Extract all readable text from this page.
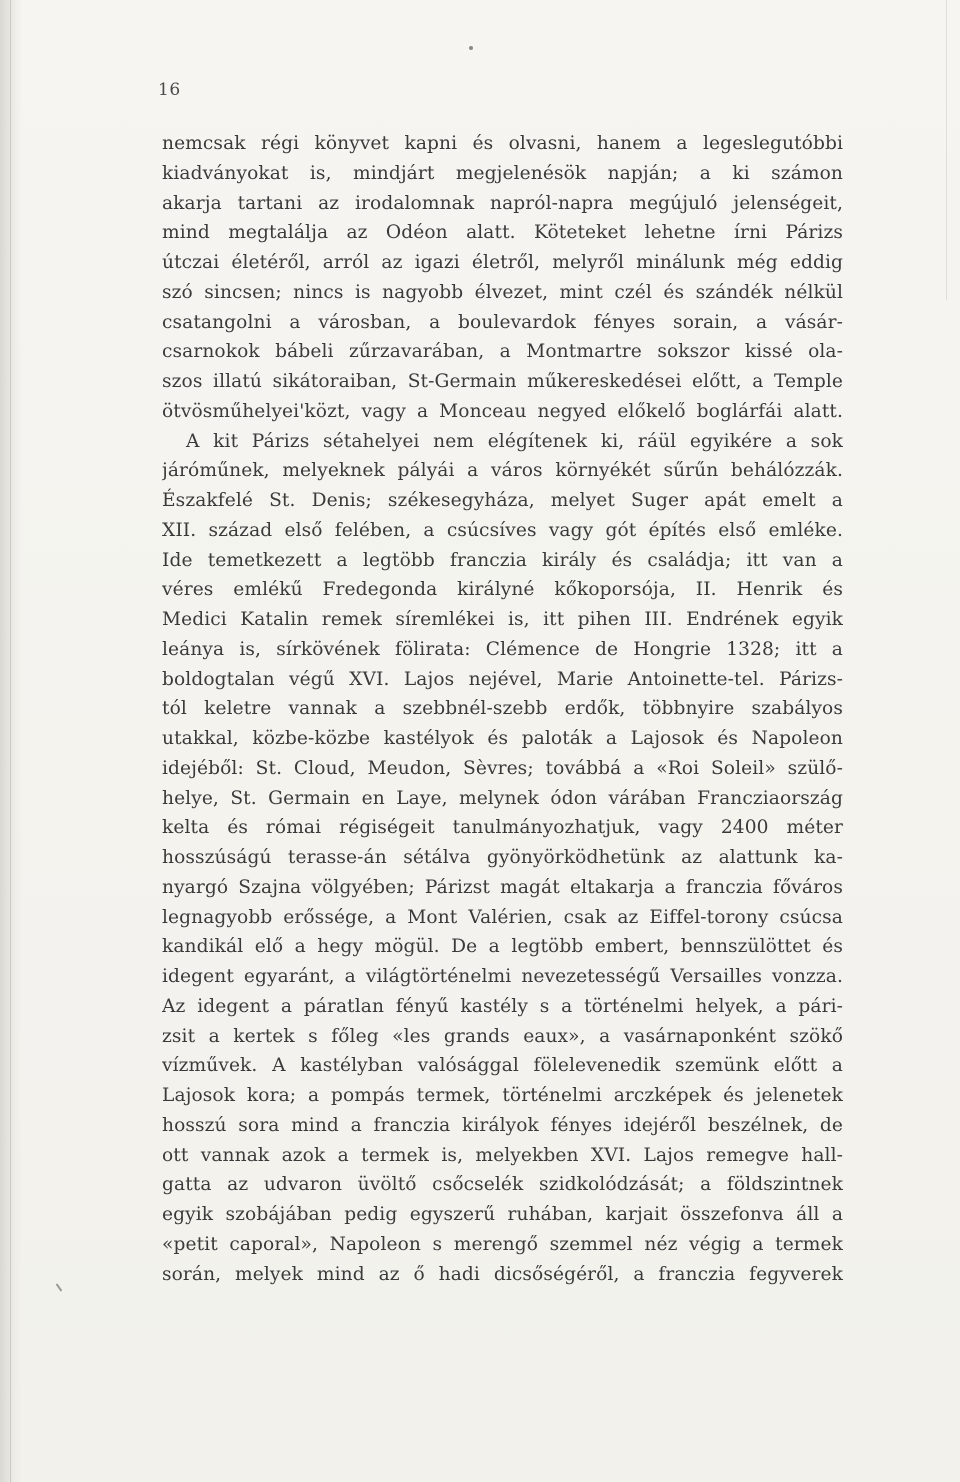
16
nemcsak régi könyvet kapni és olvasni, hanem a legeslegutóbbi
kiadványokat is, mindjárt megjelenésök napján; a ki számon
akarja tartani az irodalomnak napról-napra megújuló jelenségeit,
mind megtalálja az Odéon alatt. Köteteket lehetne írni Párizs
útczai életéről, arról az igazi életről, melyről minálunk még eddig
szó sincsen; nincs is nagyobb élvezet, mint czél és szándék nélkül
csatangolni a városban, a boulevardok fényes sorain, a vásár-
csarnokok bábeli zűrzavarában, a Montmartre sokszor kissé ola-
szos illatú sikátoraiban, St-Germain műkereskedései előtt, a Temple
ötvösműhelyei'közt, vagy a Monceau negyed előkelő boglárfái alatt.
A kit Párizs sétahelyei nem elégítenek ki, ráül egyikére a sok
járóműnek, melyeknek pályái a város környékét sűrűn behálózzák.
Északfelé St. Denis; székesegyháza, melyet Suger apát emelt a
XII. század első felében, a csúcsíves vagy gót építés első emléke.
Ide temetkezett a legtöbb franczia király és családja; itt van a
véres emlékű Fredegonda királyné kőkoporsója, II. Henrik és
Medici Katalin remek síremlékei is, itt pihen III. Endrének egyik
leánya is, sírkövének fölirata: Clémence de Hongrie 1328; itt a
boldogtalan végű XVI. Lajos nejével, Marie Antoinette-tel. Párizs-
tól keletre vannak a szebbnél-szebb erdők, többnyire szabályos
utakkal, közbe-közbe kastélyok és paloták a Lajosok és Napoleon
idejéből: St. Cloud, Meudon, Sèvres; továbbá a «Roi Soleil» szülő-
helye, St. Germain en Laye, melynek ódon várában Francziaország
kelta és római régiségeit tanulmányozhatjuk, vagy 2400 méter
hosszúságú terasse-án sétálva gyönyörködhetünk az alattunk ka-
nyargó Szajna völgyében; Párizst magát eltakarja a franczia főváros
legnagyobb erőssége, a Mont Valérien, csak az Eiffel-torony csúcsa
kandikál elő a hegy mögül. De a legtöbb embert, bennszülöttet és
idegent egyaránt, a világtörténelmi nevezetességű Versailles vonzza.
Az idegent a páratlan fényű kastély s a történelmi helyek, a pári-
zsit a kertek s főleg «les grands eaux», a vasárnaponként szökő
vízművek. A kastélyban valósággal fölelevenedik szemünk előtt a
Lajosok kora; a pompás termek, történelmi arczképek és jelenetek
hosszú sora mind a franczia királyok fényes idejéről beszélnek, de
ott vannak azok a termek is, melyekben XVI. Lajos remegve hall-
gatta az udvaron üvöltő csőcselék szidkolódzását; a földszintnek
egyik szobájában pedig egyszerű ruhában, karjait összefonva áll a
«petit caporal», Napoleon s merengő szemmel néz végig a termek
során, melyek mind az ő hadi dicsőségéről, a franczia fegyverek
